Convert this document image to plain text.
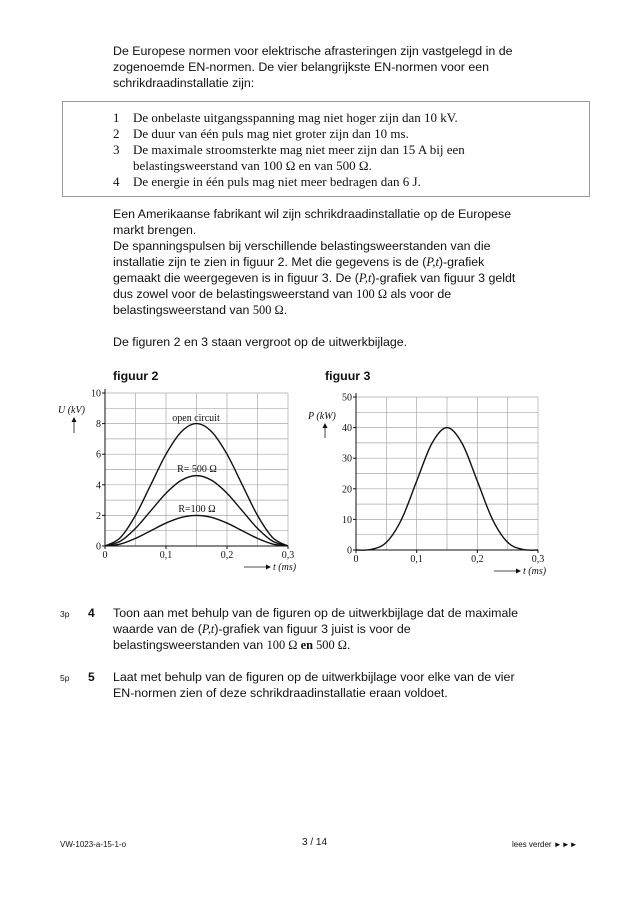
De Europese normen voor elektrische afrasteringen zijn vastgelegd in de

zogenoemde EN-normen. De vier belangrijkste EN-normen voor een

schrikdraadinstallatie zijn:

1	De onbelaste uitgangsspanning mag niet hoger zijn dan 10 kV.
2	De duur van één puls mag niet groter zijn dan 10 ms.
3	De maximale stroomsterkte mag niet meer zijn dan 15 A bij een
belastingsweerstand van 100 Ω en van 500 Ω.
4	De energie in één puls mag niet meer bedragen dan 6 J.

Een Amerikaanse fabrikant wil zijn schrikdraadinstallatie op de Europese

markt brengen.

De spanningspulsen bij verschillende belastingsweerstanden van die

installatie zijn te zien in figuur 2. Met die gegevens is de (P,t)-grafiek

gemaakt die weergegeven is in figuur 3. De (P,t)-grafiek van figuur 3 geldt

dus zowel voor de belastingsweerstand van 100 Ω als voor de

belastingsweerstand van 500 Ω.

De figuren 2 en 3 staan vergroot op de uitwerkbijlage.

figuur 2	figuur 3
0
2
4
6
8
10
0	0,1	0,2	0,3
t (ms)
U (kV)
open circuit
R= 500 Ω
R=100 Ω
0
10
20
30
40
50
0	0,1	0,2	0,3
t (ms)
P (kW)
3p 4 Toon aan met behulp van de figuren op de uitwerkbijlage dat de maximale

waarde van de (P,t)-grafiek van figuur 3 juist is voor de

belastingsweerstanden van 100 Ω en 500 Ω.

5p 5 Laat met behulp van de figuren op de uitwerkbijlage voor elke van de vier

EN-normen zien of deze schrikdraadinstallatie eraan voldoet.

VW-1023-a-15-1-o	3 / 14	lees verder ►►►
